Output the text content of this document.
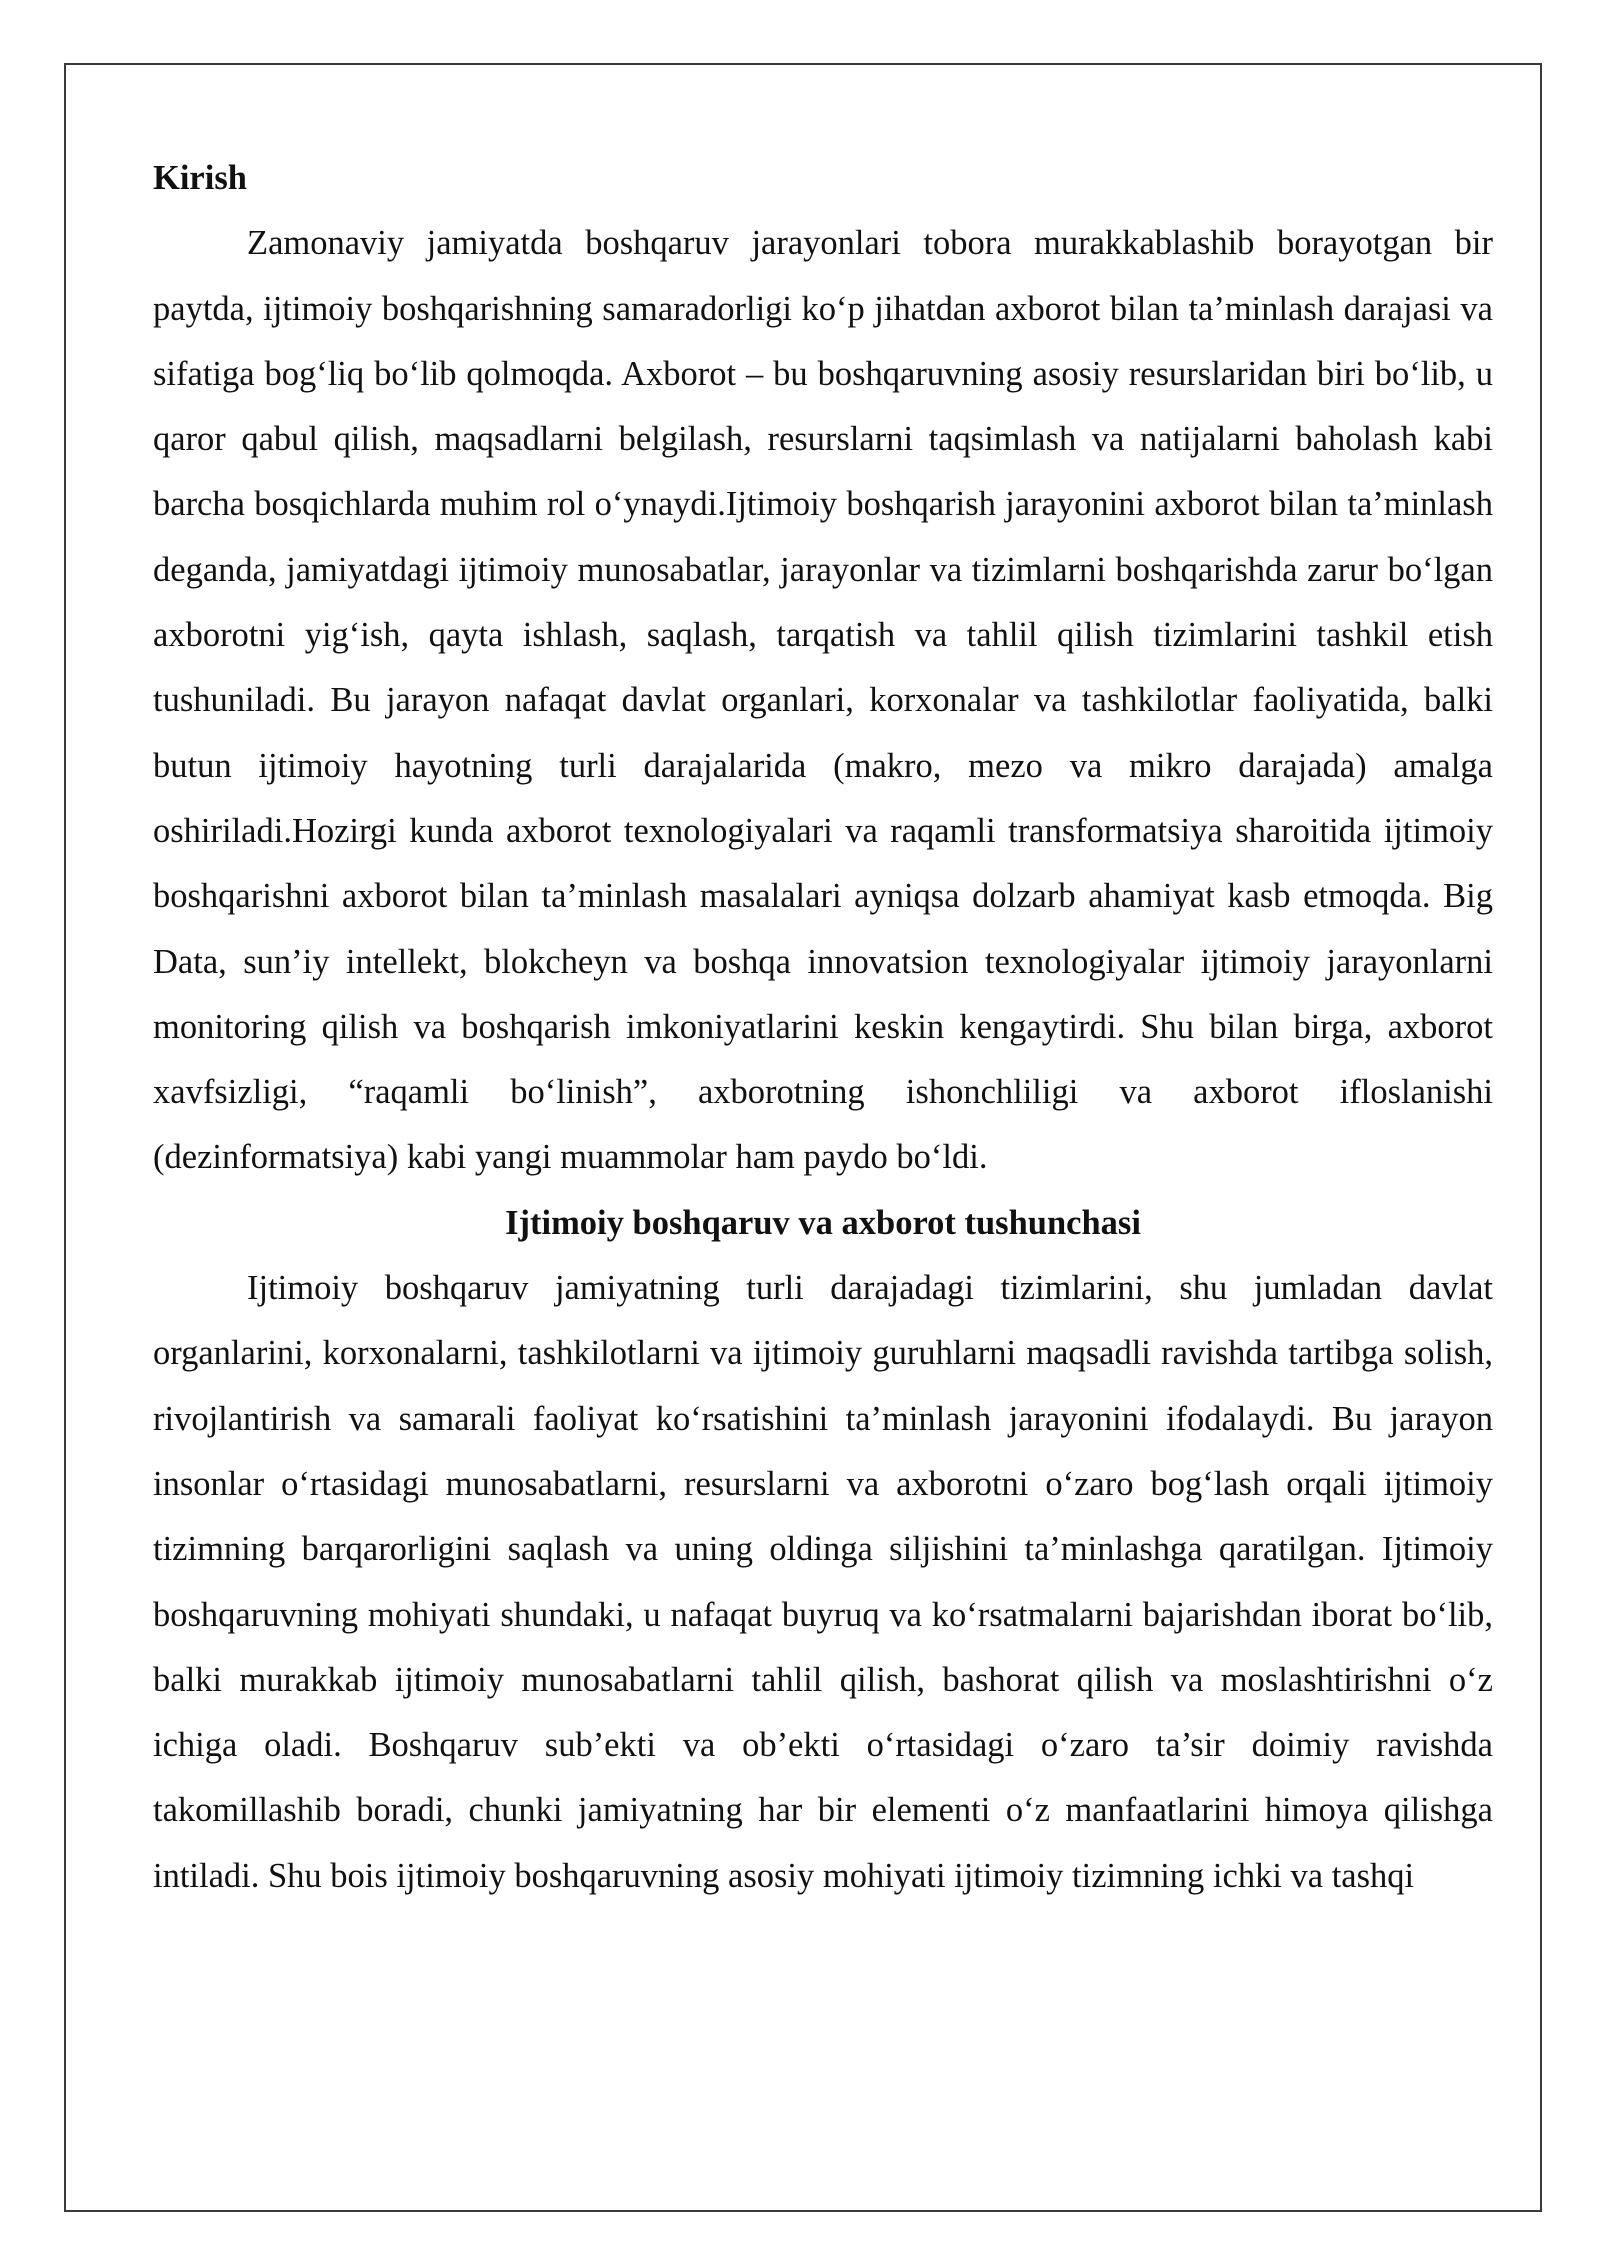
Kirish

Zamonaviy jamiyatda boshqaruv jarayonlari tobora murakkablashib borayotgan bir paytda, ijtimoiy boshqarishning samaradorligi ko‘p jihatdan axborot bilan ta’minlash darajasi va sifatiga bog‘liq bo‘lib qolmoqda. Axborot – bu boshqaruvning asosiy resurslaridan biri bo‘lib, u qaror qabul qilish, maqsadlarni belgilash, resurslarni taqsimlash va natijalarni baholash kabi barcha bosqichlarda muhim rol o‘ynaydi.Ijtimoiy boshqarish jarayonini axborot bilan ta’minlash deganda, jamiyatdagi ijtimoiy munosabatlar, jarayonlar va tizimlarni boshqarishda zarur bo‘lgan axborotni yig‘ish, qayta ishlash, saqlash, tarqatish va tahlil qilish tizimlarini tashkil etish tushuniladi. Bu jarayon nafaqat davlat organlari, korxonalar va tashkilotlar faoliyatida, balki butun ijtimoiy hayotning turli darajalarida (makro, mezo va mikro darajada) amalga oshiriladi.Hozirgi kunda axborot texnologiyalari va raqamli transformatsiya sharoitida ijtimoiy boshqarishni axborot bilan ta’minlash masalalari ayniqsa dolzarb ahamiyat kasb etmoqda. Big Data, sun’iy intellekt, blokcheyn va boshqa innovatsion texnologiyalar ijtimoiy jarayonlarni monitoring qilish va boshqarish imkoniyatlarini keskin kengaytirdi. Shu bilan birga, axborot xavfsizligi, “raqamli bo‘linish”, axborotning ishonchliligi va axborot ifloslanishi (dezinformatsiya) kabi yangi muammolar ham paydo bo‘ldi.

Ijtimoiy boshqaruv va axborot tushunchasi

Ijtimoiy boshqaruv jamiyatning turli darajadagi tizimlarini, shu jumladan davlat organlarini, korxonalarni, tashkilotlarni va ijtimoiy guruhlarni maqsadli ravishda tartibga solish, rivojlantirish va samarali faoliyat ko‘rsatishini ta’minlash jarayonini ifodalaydi. Bu jarayon insonlar o‘rtasidagi munosabatlarni, resurslarni va axborotni o‘zaro bog‘lash orqali ijtimoiy tizimning barqarorligini saqlash va uning oldinga siljishini ta’minlashga qaratilgan. Ijtimoiy boshqaruvning mohiyati shundaki, u nafaqat buyruq va ko‘rsatmalarni bajarishdan iborat bo‘lib, balki murakkab ijtimoiy munosabatlarni tahlil qilish, bashorat qilish va moslashtirishni o‘z ichiga oladi. Boshqaruv sub’ekti va ob’ekti o‘rtasidagi o‘zaro ta’sir doimiy ravishda takomillashib boradi, chunki jamiyatning har bir elementi o‘z manfaatlarini himoya qilishga intiladi. Shu bois ijtimoiy boshqaruvning asosiy mohiyati ijtimoiy tizimning ichki va tashqi
